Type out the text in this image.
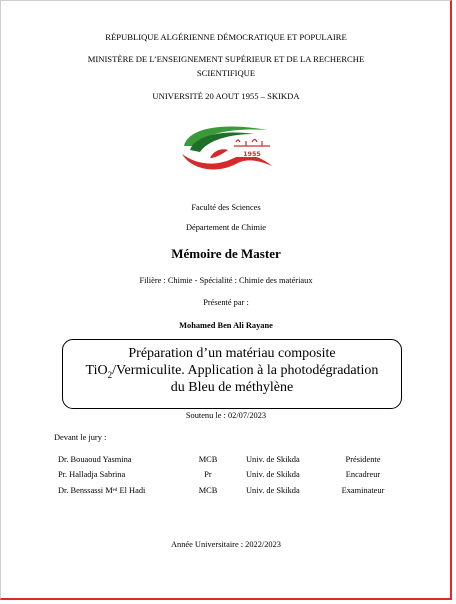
RÉPUBLIQUE ALGÉRIENNE DÉMOCRATIQUE ET POPULAIRE
MINISTÈRE DE L’ENSEIGNEMENT SUPÉRIEUR ET DE LA RECHERCHE
SCIENTIFIQUE
UNIVERSITÉ 20 AOUT 1955 – SKIKDA
1955
Faculté des Sciences
Département de Chimie
Mémoire de Master
Filière : Chimie - Spécialité : Chimie des matériaux
Présenté par :
Mohamed Ben Ali Rayane
Préparation d’un matériau composite
TiO$_2$/Vermiculite. Application à la photodégradation
du Bleu de méthylène
Soutenu le : 02/07/2023
Devant le jury :
Dr. Bouaoud Yasmina	MCB	Univ. de Skikda	Présidente
Pr. Halladja Sabrina	Pr	Univ. de Skikda	Encadreur
Dr. Benssassi Mᵉᵈ El Hadi	MCB	Univ. de Skikda	Examinateur
Année Universitaire : 2022/2023
